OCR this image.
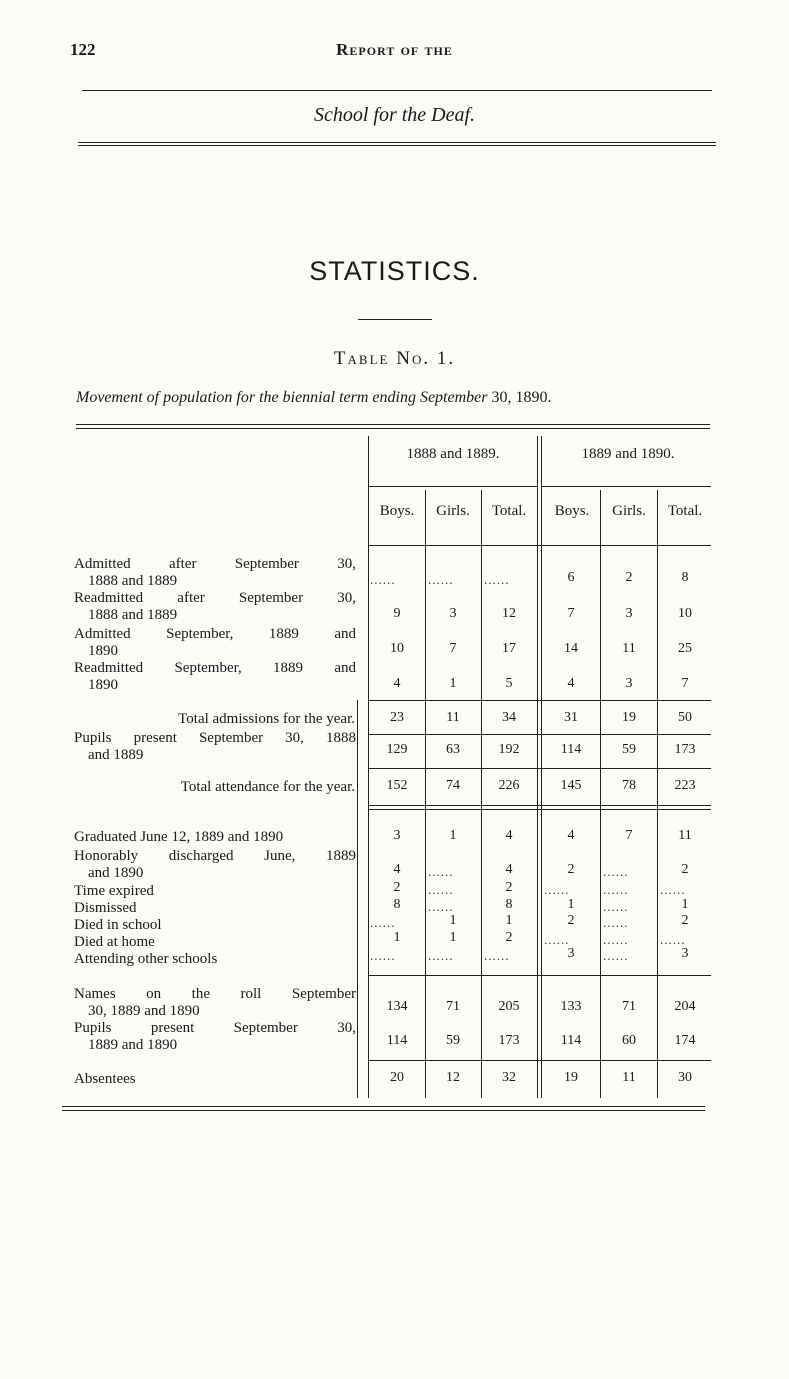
122	Report of the
School for the Deaf.
STATISTICS.
Table No. 1.
Movement of population for the biennial term ending September 30, 1890.
1888 and 1889.	1889 and 1890.
Boys.	Girls.	Total.	Boys.	Girls.	Total.
Admitted after September 30,
1888 and 1889	......	......	......	6	2	8
Readmitted after September 30,
1888 and 1889	9	3	12	7	3	10
Admitted September, 1889 and
1890	10	7	17	14	11	25
Readmitted September, 1889 and
1890	4	1	5	4	3	7
Total admissions for the year.	23	11	34	31	19	50
Pupils present September 30, 1888
and 1889	129	63	192	114	59	173
Total attendance for the year.	152	74	226	145	78	223
Graduated June 12, 1889 and 1890	3	1	4	4	7	11
Honorably discharged June, 1889
and 1890	4	......	4	2	......	2
Time expired	2	......	2	......	......	......
Dismissed	8	......	8	1	......	1
Died in school	......	1	1	2	......	2
Died at home	1	1	2	......	......	......
Attending other schools	......	......	......	3	......	3
Names on the roll September
30, 1889 and 1890	134	71	205	133	71	204
Pupils present September 30,
1889 and 1890	114	59	173	114	60	174
Absentees	20	12	32	19	11	30
